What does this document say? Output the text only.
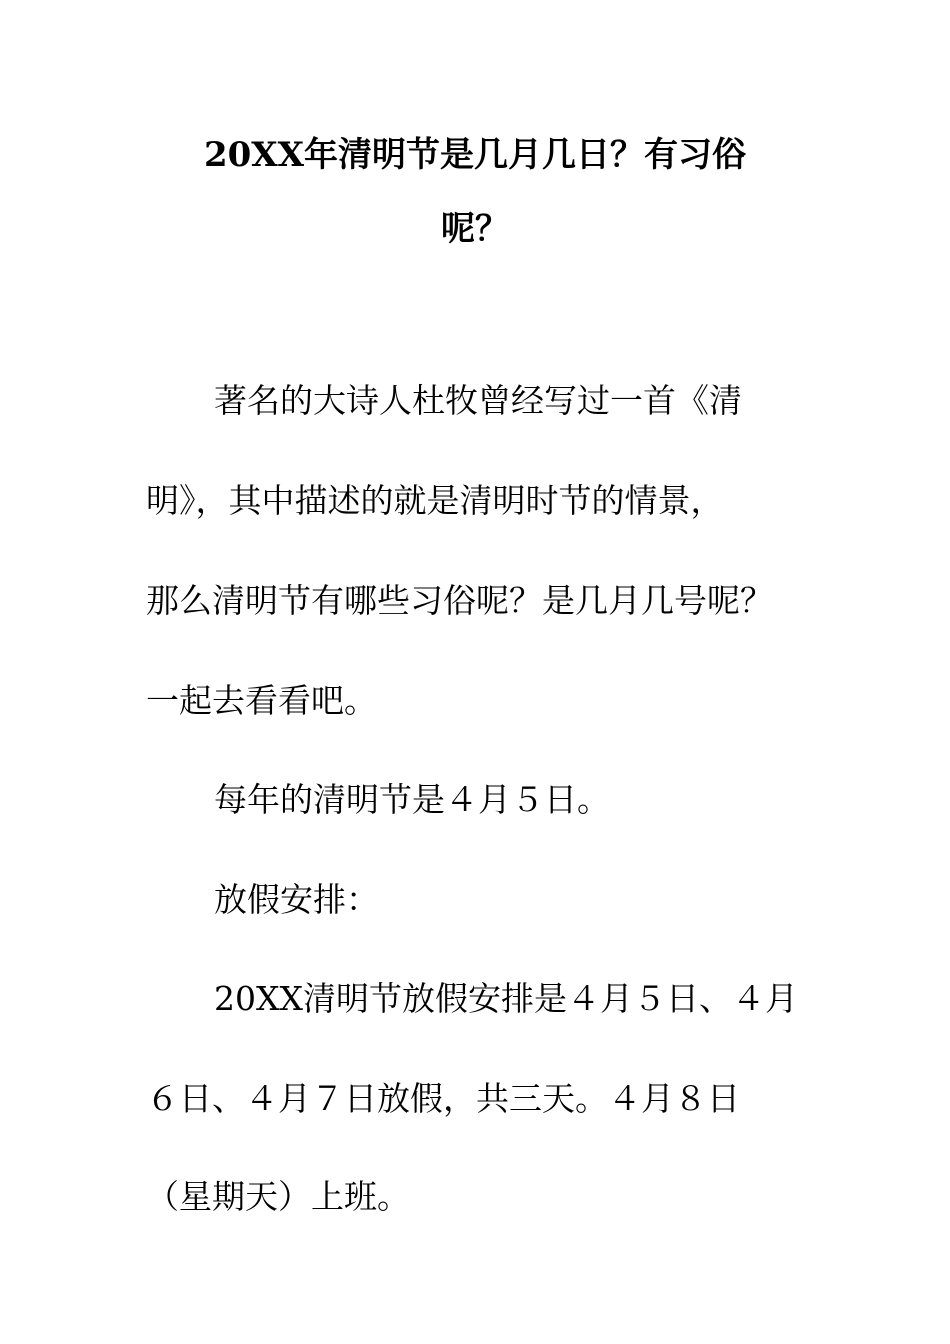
20XX年清明节是几月几日？有习俗
呢？
著名的大诗人杜牧曾经写过一首《清
明》，其中描述的就是清明时节的情景，
那么清明节有哪些习俗呢？是几月几号呢？
一起去看看吧。
每年的清明节是４月５日。
放假安排：
20XX清明节放假安排是４月５日、４月
６日、４月７日放假，共三天。４月８日
（星期天）上班。
